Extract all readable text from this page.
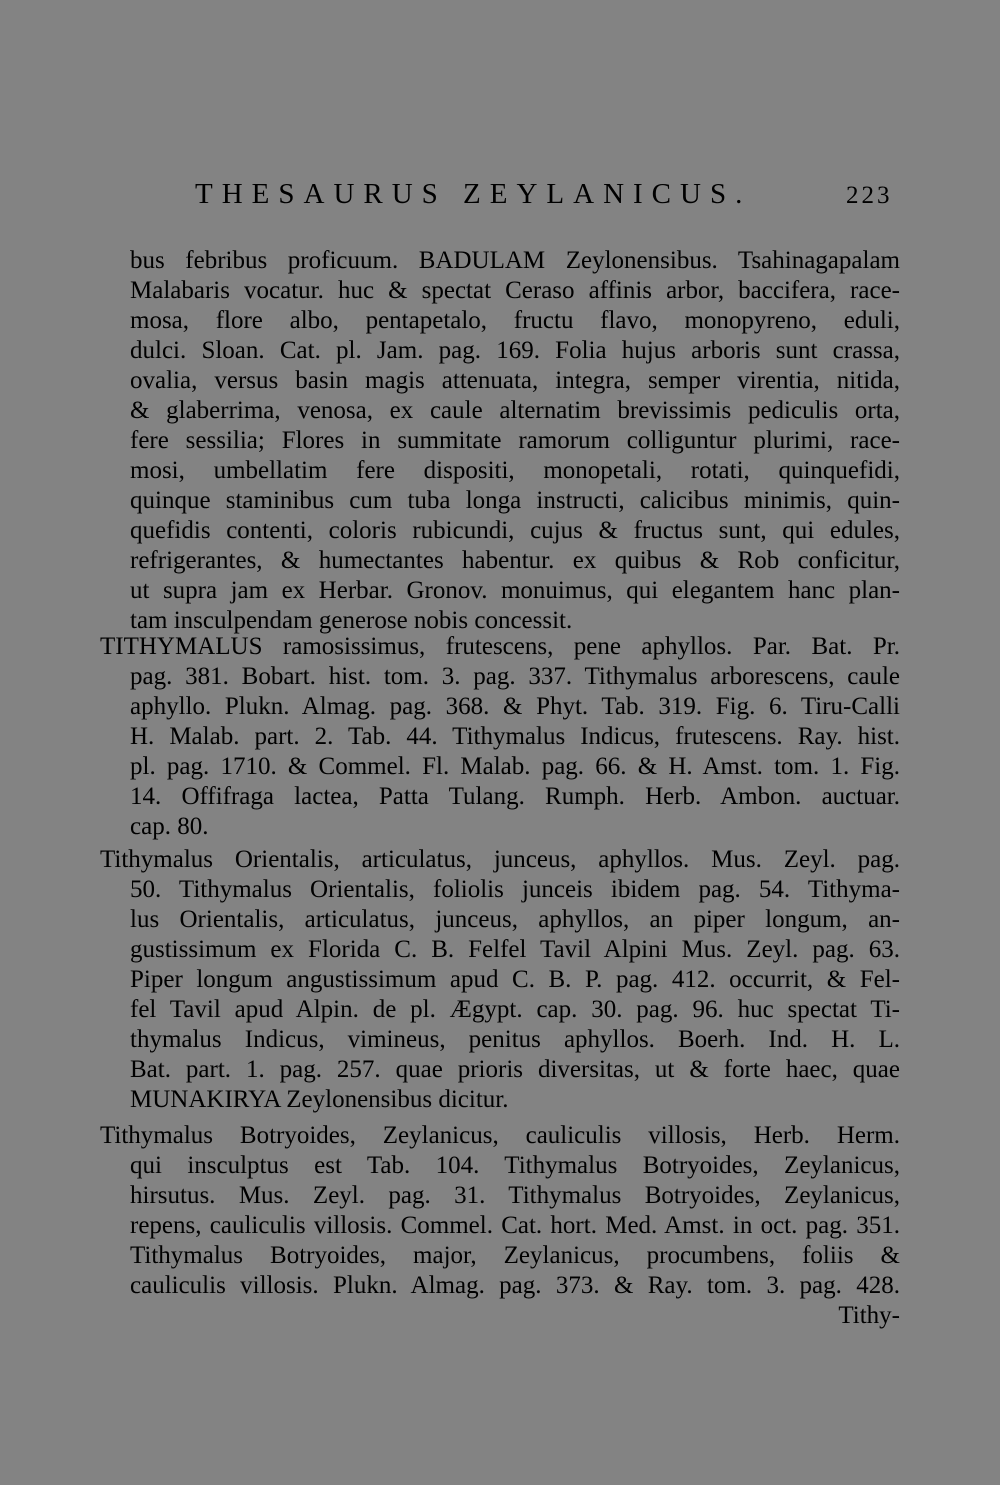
THESAURUS ZEYLANICUS.	223
bus febribus proficuum. BADULAM Zeylonensibus. Tsahinagapalam
Malabaris vocatur. huc & spectat Ceraso affinis arbor, baccifera, race-
mosa, flore albo, pentapetalo, fructu flavo, monopyreno, eduli,
dulci. Sloan. Cat. pl. Jam. pag. 169. Folia hujus arboris sunt crassa,
ovalia, versus basin magis attenuata, integra, semper virentia, nitida,
& glaberrima, venosa, ex caule alternatim brevissimis pediculis orta,
fere sessilia; Flores in summitate ramorum colliguntur plurimi, race-
mosi, umbellatim fere dispositi, monopetali, rotati, quinquefidi,
quinque staminibus cum tuba longa instructi, calicibus minimis, quin-
quefidis contenti, coloris rubicundi, cujus & fructus sunt, qui edules,
refrigerantes, & humectantes habentur. ex quibus & Rob conficitur,
ut supra jam ex Herbar. Gronov. monuimus, qui elegantem hanc plan-
tam insculpendam generose nobis concessit.
TITHYMALUS ramosissimus, frutescens, pene aphyllos. Par. Bat. Pr.
pag. 381. Bobart. hist. tom. 3. pag. 337. Tithymalus arborescens, caule
aphyllo. Plukn. Almag. pag. 368. & Phyt. Tab. 319. Fig. 6. Tiru-Calli
H. Malab. part. 2. Tab. 44. Tithymalus Indicus, frutescens. Ray. hist.
pl. pag. 1710. & Commel. Fl. Malab. pag. 66. & H. Amst. tom. 1. Fig.
14. Offifraga lactea, Patta Tulang. Rumph. Herb. Ambon. auctuar.
cap. 80.
Tithymalus Orientalis, articulatus, junceus, aphyllos. Mus. Zeyl. pag.
50. Tithymalus Orientalis, foliolis junceis ibidem pag. 54. Tithyma-
lus Orientalis, articulatus, junceus, aphyllos, an piper longum, an-
gustissimum ex Florida C. B. Felfel Tavil Alpini Mus. Zeyl. pag. 63.
Piper longum angustissimum apud C. B. P. pag. 412. occurrit, & Fel-
fel Tavil apud Alpin. de pl. Ægypt. cap. 30. pag. 96. huc spectat Ti-
thymalus Indicus, vimineus, penitus aphyllos. Boerh. Ind. H. L.
Bat. part. 1. pag. 257. quae prioris diversitas, ut & forte haec, quae
MUNAKIRYA Zeylonensibus dicitur.
Tithymalus Botryoides, Zeylanicus, cauliculis villosis, Herb. Herm.
qui insculptus est Tab. 104. Tithymalus Botryoides, Zeylanicus,
hirsutus. Mus. Zeyl. pag. 31. Tithymalus Botryoides, Zeylanicus,
repens, cauliculis villosis. Commel. Cat. hort. Med. Amst. in oct. pag. 351.
Tithymalus Botryoides, major, Zeylanicus, procumbens, foliis &
cauliculis villosis. Plukn. Almag. pag. 373. & Ray. tom. 3. pag. 428.
Tithy-
